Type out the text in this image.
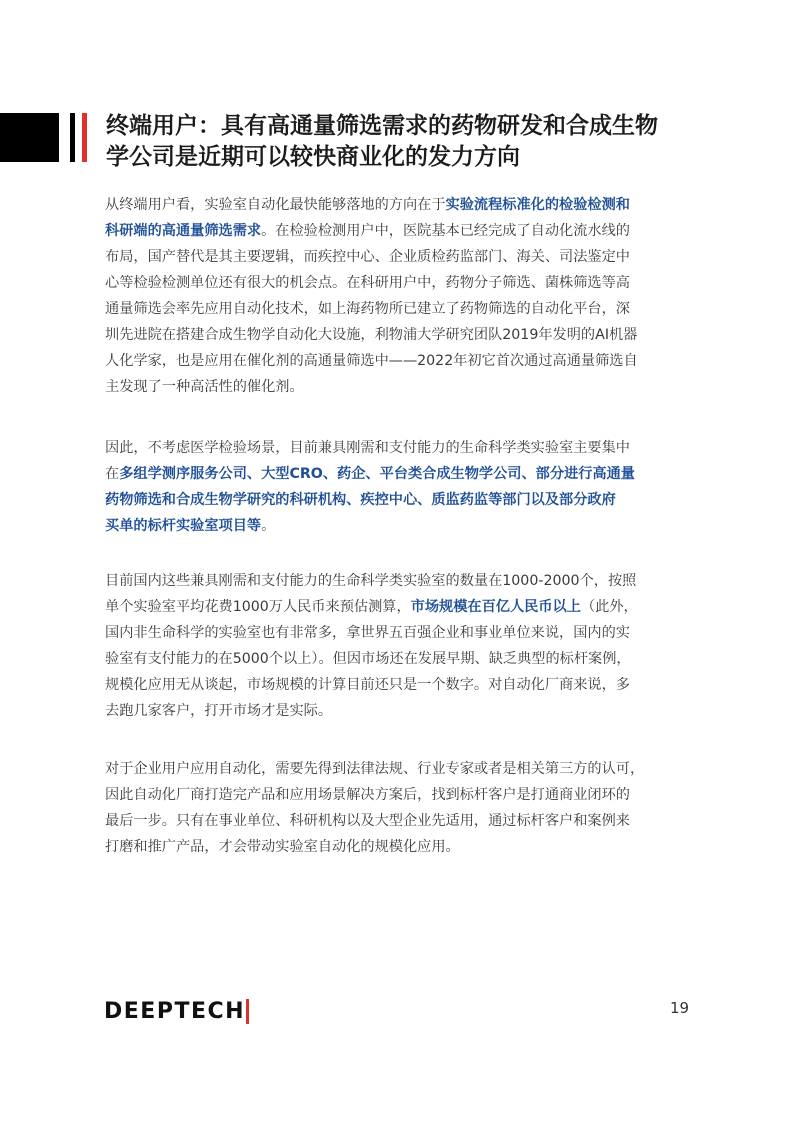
终端用户：具有高通量筛选需求的药物研发和合成生物
学公司是近期可以较快商业化的发力方向

从终端用户看，实验室自动化最快能够落地的方向在于实验流程标准化的检验检测和
科研端的高通量筛选需求。在检验检测用户中，医院基本已经完成了自动化流水线的
布局，国产替代是其主要逻辑，而疾控中心、企业质检药监部门、海关、司法鉴定中
心等检验检测单位还有很大的机会点。在科研用户中，药物分子筛选、菌株筛选等高
通量筛选会率先应用自动化技术，如上海药物所已建立了药物筛选的自动化平台，深
圳先进院在搭建合成生物学自动化大设施，利物浦大学研究团队2019年发明的AI机器
人化学家，也是应用在催化剂的高通量筛选中——2022年初它首次通过高通量筛选自
主发现了一种高活性的催化剂。

因此，不考虑医学检验场景，目前兼具刚需和支付能力的生命科学类实验室主要集中
在多组学测序服务公司、大型CRO、药企、平台类合成生物学公司、部分进行高通量
药物筛选和合成生物学研究的科研机构、疾控中心、质监药监等部门以及部分政府
买单的标杆实验室项目等。

目前国内这些兼具刚需和支付能力的生命科学类实验室的数量在1000-2000个，按照
单个实验室平均花费1000万人民币来预估测算，市场规模在百亿人民币以上（此外，
国内非生命科学的实验室也有非常多，拿世界五百强企业和事业单位来说，国内的实
验室有支付能力的在5000个以上）。但因市场还在发展早期、缺乏典型的标杆案例，
规模化应用无从谈起，市场规模的计算目前还只是一个数字。对自动化厂商来说，多
去跑几家客户，打开市场才是实际。

对于企业用户应用自动化，需要先得到法律法规、行业专家或者是相关第三方的认可，
因此自动化厂商打造完产品和应用场景解决方案后，找到标杆客户是打通商业闭环的
最后一步。只有在事业单位、科研机构以及大型企业先适用，通过标杆客户和案例来
打磨和推广产品，才会带动实验室自动化的规模化应用。

DEEPTECH	19
